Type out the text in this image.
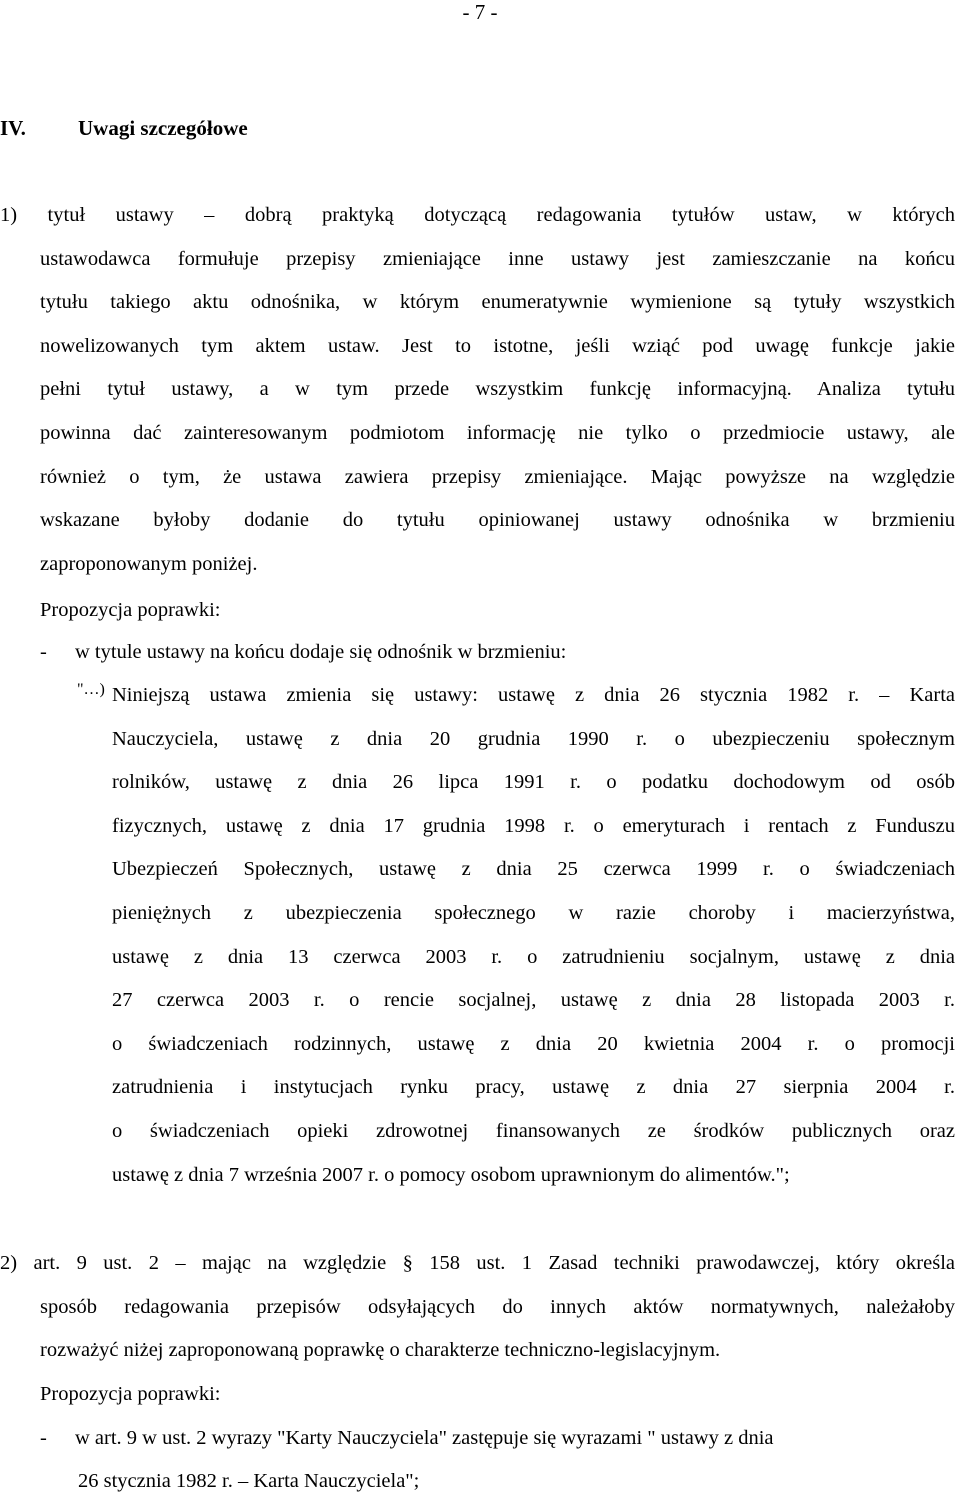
- 7 -
IV. Uwagi szczegółowe
1) tytuł ustawy – dobrą praktyką dotyczącą redagowania tytułów ustaw, w których
ustawodawca formułuje przepisy zmieniające inne ustawy jest zamieszczanie na końcu
tytułu takiego aktu odnośnika, w którym enumeratywnie wymienione są tytuły wszystkich
nowelizowanych tym aktem ustaw. Jest to istotne, jeśli wziąć pod uwagę funkcje jakie
pełni tytuł ustawy, a w tym przede wszystkim funkcję informacyjną. Analiza tytułu
powinna dać zainteresowanym podmiotom informację nie tylko o przedmiocie ustawy, ale
również o tym, że ustawa zawiera przepisy zmieniające. Mając powyższe na względzie
wskazane byłoby dodanie do tytułu opiniowanej ustawy odnośnika w brzmieniu
zaproponowanym poniżej.
Propozycja poprawki:
- w tytule ustawy na końcu dodaje się odnośnik w brzmieniu:
"…) Niniejszą ustawa zmienia się ustawy: ustawę z dnia 26 stycznia 1982 r. – Karta
Nauczyciela, ustawę z dnia 20 grudnia 1990 r. o ubezpieczeniu społecznym
rolników, ustawę z dnia 26 lipca 1991 r. o podatku dochodowym od osób
fizycznych, ustawę z dnia 17 grudnia 1998 r. o emeryturach i rentach z Funduszu
Ubezpieczeń Społecznych, ustawę z dnia 25 czerwca 1999 r. o świadczeniach
pieniężnych z ubezpieczenia społecznego w razie choroby i macierzyństwa,
ustawę z dnia 13 czerwca 2003 r. o zatrudnieniu socjalnym, ustawę z dnia
27 czerwca 2003 r. o rencie socjalnej, ustawę z dnia 28 listopada 2003 r.
o świadczeniach rodzinnych, ustawę z dnia 20 kwietnia 2004 r. o promocji
zatrudnienia i instytucjach rynku pracy, ustawę z dnia 27 sierpnia 2004 r.
o świadczeniach opieki zdrowotnej finansowanych ze środków publicznych oraz
ustawę z dnia 7 września 2007 r. o pomocy osobom uprawnionym do alimentów.";
2) art. 9 ust. 2 – mając na względzie § 158 ust. 1 Zasad techniki prawodawczej, który określa
sposób redagowania przepisów odsyłających do innych aktów normatywnych, należałoby
rozważyć niżej zaproponowaną poprawkę o charakterze techniczno-legislacyjnym.
Propozycja poprawki:
- w art. 9 w ust. 2 wyrazy "Karty Nauczyciela" zastępuje się wyrazami " ustawy z dnia
26 stycznia 1982 r. – Karta Nauczyciela";
